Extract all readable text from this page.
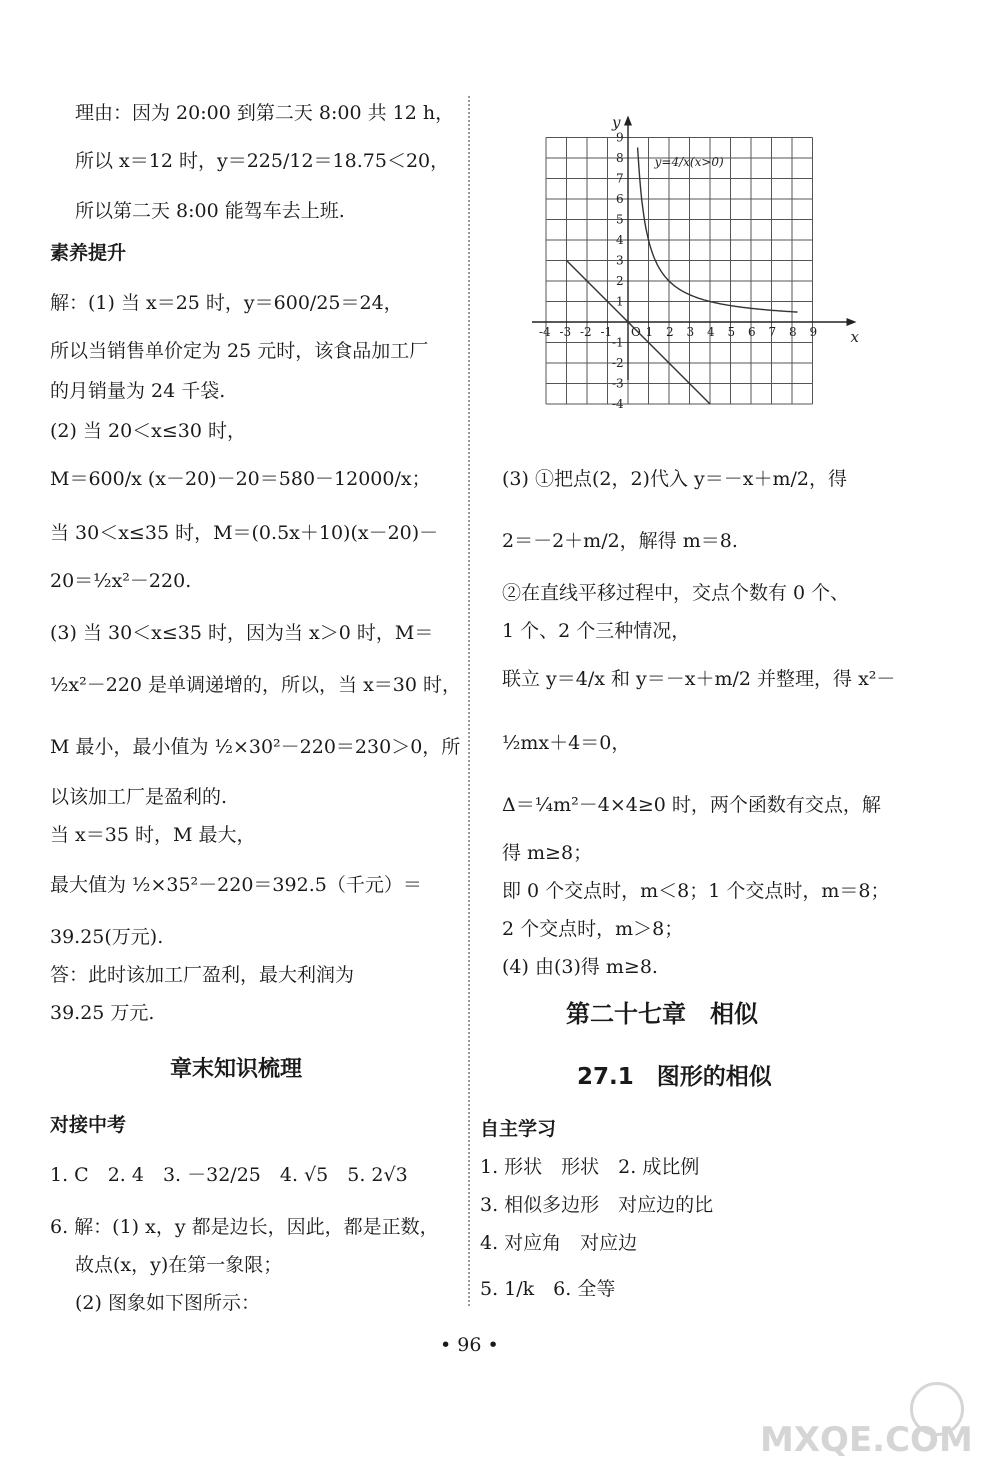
理由：因为 20:00 到第二天 8:00 共 12 h，
所以 x＝12 时，y＝225/12＝18.75＜20，
所以第二天 8:00 能驾车去上班.
素养提升
解：(1) 当 x＝25 时，y＝600/25＝24，
所以当销售单价定为 25 元时，该食品加工厂
的月销量为 24 千袋.
(2) 当 20＜x≤30 时，
M＝600/x (x－20)－20＝580－12000/x；
当 30＜x≤35 时，M＝(0.5x＋10)(x－20)－
20＝½x²－220.
(3) 当 30＜x≤35 时，因为当 x＞0 时，M＝
½x²－220 是单调递增的，所以，当 x＝30 时，
M 最小，最小值为 ½×30²－220＝230＞0，所
以该加工厂是盈利的.
当 x＝35 时，M 最大，
最大值为 ½×35²－220＝392.5（千元）＝
39.25(万元).
答：此时该加工厂盈利，最大利润为
39.25 万元.
章末知识梳理
对接中考
1. C　2. 4　3. －32/25　4. √5　5. 2√3
6. 解：(1) x，y 都是边长，因此，都是正数，
故点(x，y)在第一象限；
(2) 图象如下图所示：
y
x
O
-4 -3 -2 -1	1 2 3 4 5 6 7 8 9
9
8
7
6
5
4
3
2
1
-1
-2
-3
-4
y=4/x(x>0)
(3) ①把点(2，2)代入 y＝－x＋m/2，得
2＝－2＋m/2，解得 m＝8.
②在直线平移过程中，交点个数有 0 个、
1 个、2 个三种情况，
联立 y＝4/x 和 y＝－x＋m/2 并整理，得 x²－
½mx＋4＝0，
Δ＝¼m²－4×4≥0 时，两个函数有交点，解
得 m≥8；
即 0 个交点时，m＜8；1 个交点时，m＝8；
2 个交点时，m＞8；
(4) 由(3)得 m≥8.
第二十七章　相似
27.1　图形的相似
自主学习
1. 形状　形状　2. 成比例
3. 相似多边形　对应边的比
4. 对应角　对应边
5. 1/k　6. 全等
• 96 •
MXQE.COM
